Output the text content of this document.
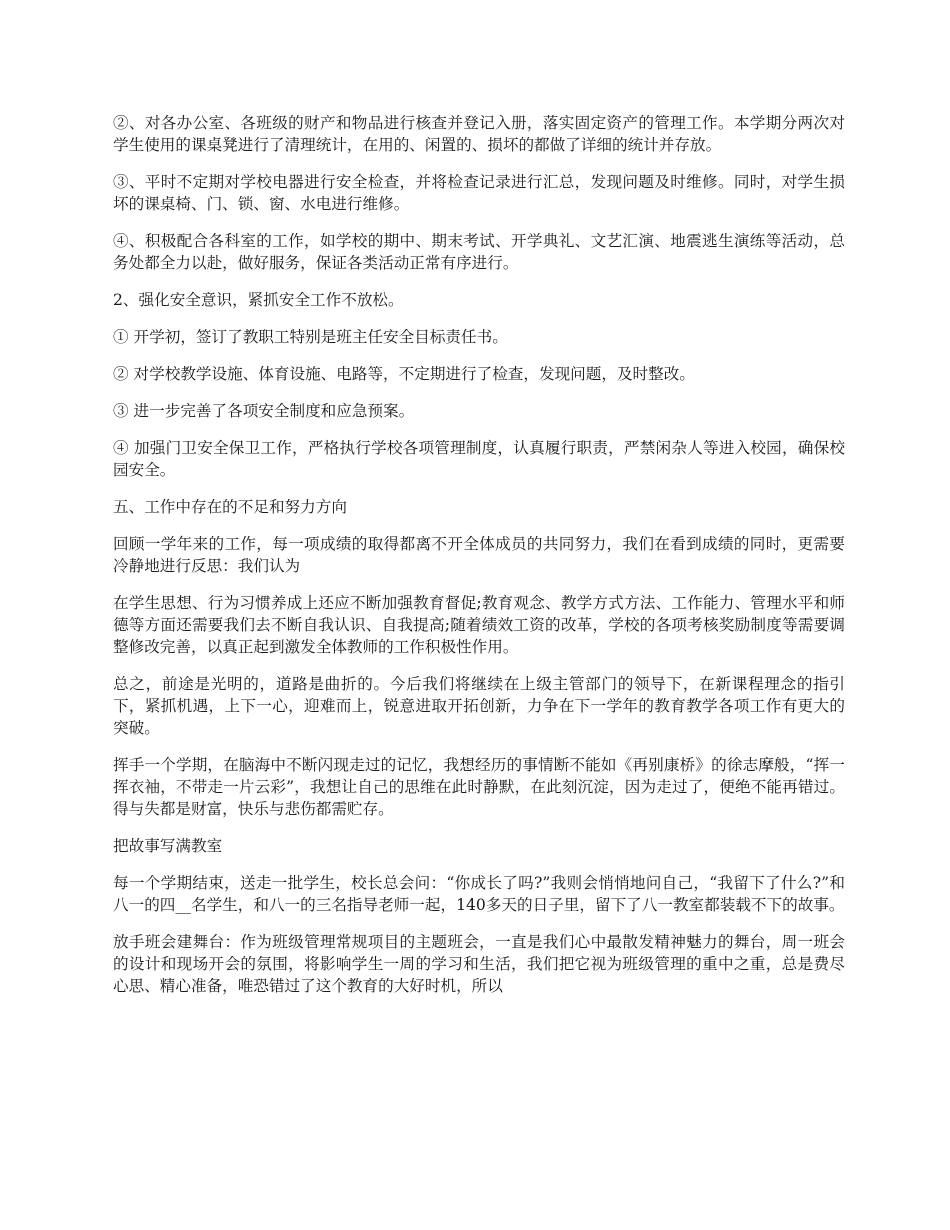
②、对各办公室、各班级的财产和物品进行核查并登记入册，落实固定资产的管理工作。本学期分两次对学生使用的课桌凳进行了清理统计，在用的、闲置的、损坏的都做了详细的统计并存放。

③、平时不定期对学校电器进行安全检查，并将检查记录进行汇总，发现问题及时维修。同时，对学生损坏的课桌椅、门、锁、窗、水电进行维修。

④、积极配合各科室的工作，如学校的期中、期末考试、开学典礼、文艺汇演、地震逃生演练等活动，总务处都全力以赴，做好服务，保证各类活动正常有序进行。

2、强化安全意识，紧抓安全工作不放松。

① 开学初，签订了教职工特别是班主任安全目标责任书。

② 对学校教学设施、体育设施、电路等，不定期进行了检查，发现问题，及时整改。

③ 进一步完善了各项安全制度和应急预案。

④ 加强门卫安全保卫工作，严格执行学校各项管理制度，认真履行职责，严禁闲杂人等进入校园，确保校园安全。

五、工作中存在的不足和努力方向

回顾一学年来的工作，每一项成绩的取得都离不开全体成员的共同努力，我们在看到成绩的同时，更需要冷静地进行反思：我们认为

在学生思想、行为习惯养成上还应不断加强教育督促;教育观念、教学方式方法、工作能力、管理水平和师德等方面还需要我们去不断自我认识、自我提高;随着绩效工资的改革，学校的各项考核奖励制度等需要调整修改完善，以真正起到激发全体教师的工作积极性作用。

总之，前途是光明的，道路是曲折的。今后我们将继续在上级主管部门的领导下，在新课程理念的指引下，紧抓机遇，上下一心，迎难而上，锐意进取开拓创新，力争在下一学年的教育教学各项工作有更大的突破。

挥手一个学期，在脑海中不断闪现走过的记忆，我想经历的事情断不能如《再别康桥》的徐志摩般，“挥一挥衣袖，不带走一片云彩”，我想让自己的思维在此时静默，在此刻沉淀，因为走过了，便绝不能再错过。得与失都是财富，快乐与悲伤都需贮存。

把故事写满教室

每一个学期结束，送走一批学生，校长总会问：“你成长了吗?”我则会悄悄地问自己，“我留下了什么?”和八一的四__名学生，和八一的三名指导老师一起，140多天的日子里，留下了八一教室都装载不下的故事。

放手班会建舞台：作为班级管理常规项目的主题班会，一直是我们心中最散发精神魅力的舞台，周一班会的设计和现场开会的氛围，将影响学生一周的学习和生活，我们把它视为班级管理的重中之重，总是费尽心思、精心准备，唯恐错过了这个教育的大好时机，所以
